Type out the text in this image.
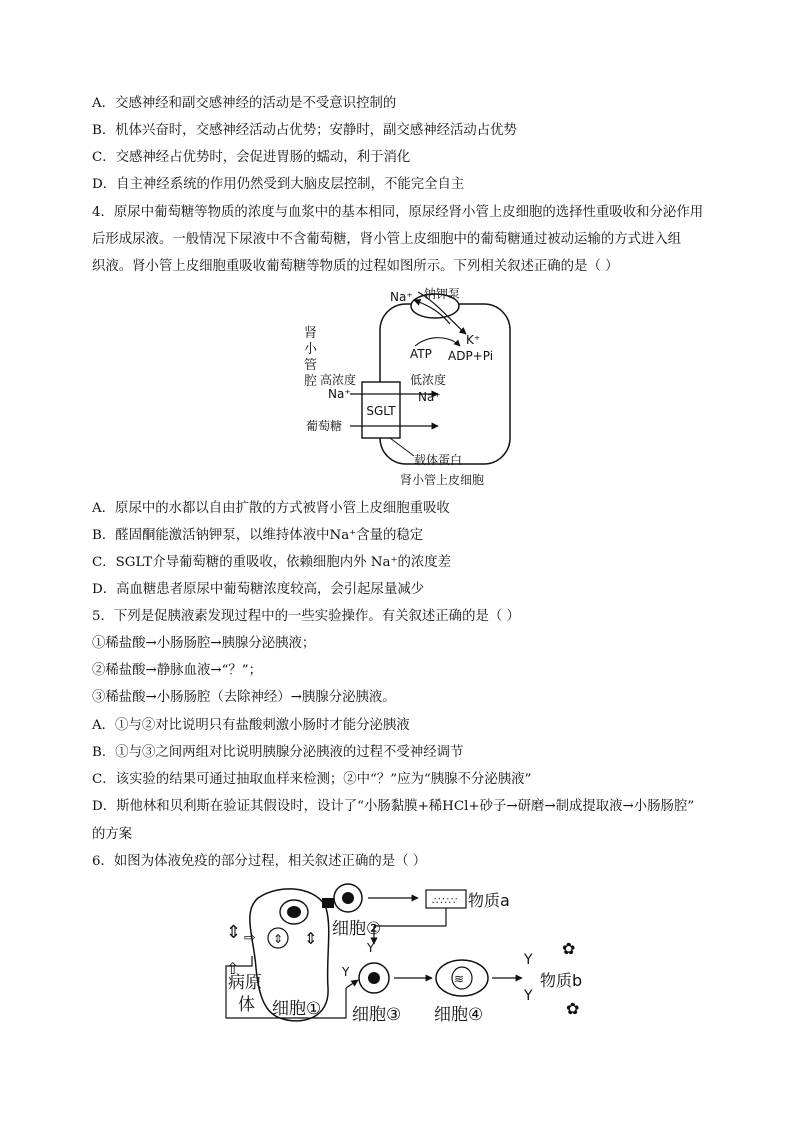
A．交感神经和副交感神经的活动是不受意识控制的
B．机体兴奋时，交感神经活动占优势；安静时，副交感神经活动占优势
C．交感神经占优势时，会促进胃肠的蠕动，利于消化
D．自主神经系统的作用仍然受到大脑皮层控制，不能完全自主
4．原尿中葡萄糖等物质的浓度与血浆中的基本相同，原尿经肾小管上皮细胞的选择性重吸收和分泌作用
后形成尿液。一般情况下尿液中不含葡萄糖，肾小管上皮细胞中的葡萄糖通过被动运输的方式进入组
织液。肾小管上皮细胞重吸收葡萄糖等物质的过程如图所示。下列相关叙述正确的是（ ）
SGLT
肾
小
管
腔 高浓度
Na⁺
葡萄糖
低浓度
Na⁺
Na⁺ 钠钾泵
K⁺
ATP ADP+Pi
载体蛋白
肾小管上皮细胞
A．原尿中的水都以自由扩散的方式被肾小管上皮细胞重吸收
B．醛固酮能激活钠钾泵，以维持体液中Na⁺含量的稳定
C．SGLT介导葡萄糖的重吸收，依赖细胞内外 Na⁺的浓度差
D．高血糖患者原尿中葡萄糖浓度较高，会引起尿量减少
5．下列是促胰液素发现过程中的一些实验操作。有关叙述正确的是（ ）
①稀盐酸→小肠肠腔→胰腺分泌胰液；
②稀盐酸→静脉血液→“？”；
③稀盐酸→小肠肠腔（去除神经）→胰腺分泌胰液。
A．①与②对比说明只有盐酸刺激小肠时才能分泌胰液
B．①与③之间两组对比说明胰腺分泌胰液的过程不受神经调节
C．该实验的结果可通过抽取血样来检测；②中“？”应为“胰腺不分泌胰液”
D．斯他林和贝利斯在验证其假设时，设计了“小肠黏膜+稀HCl+砂子→研磨→制成提取液→小肠肠腔”
的方案
6．如图为体液免疫的部分过程，相关叙述正确的是（ ）
⇕
⇕ ⇨	⇕
⇧
细胞②
∴∵∴∵ 物质a
Y
Y
细胞③
≋
细胞④
物质b
Y
Y
✿
✿
病原
体 细胞①
